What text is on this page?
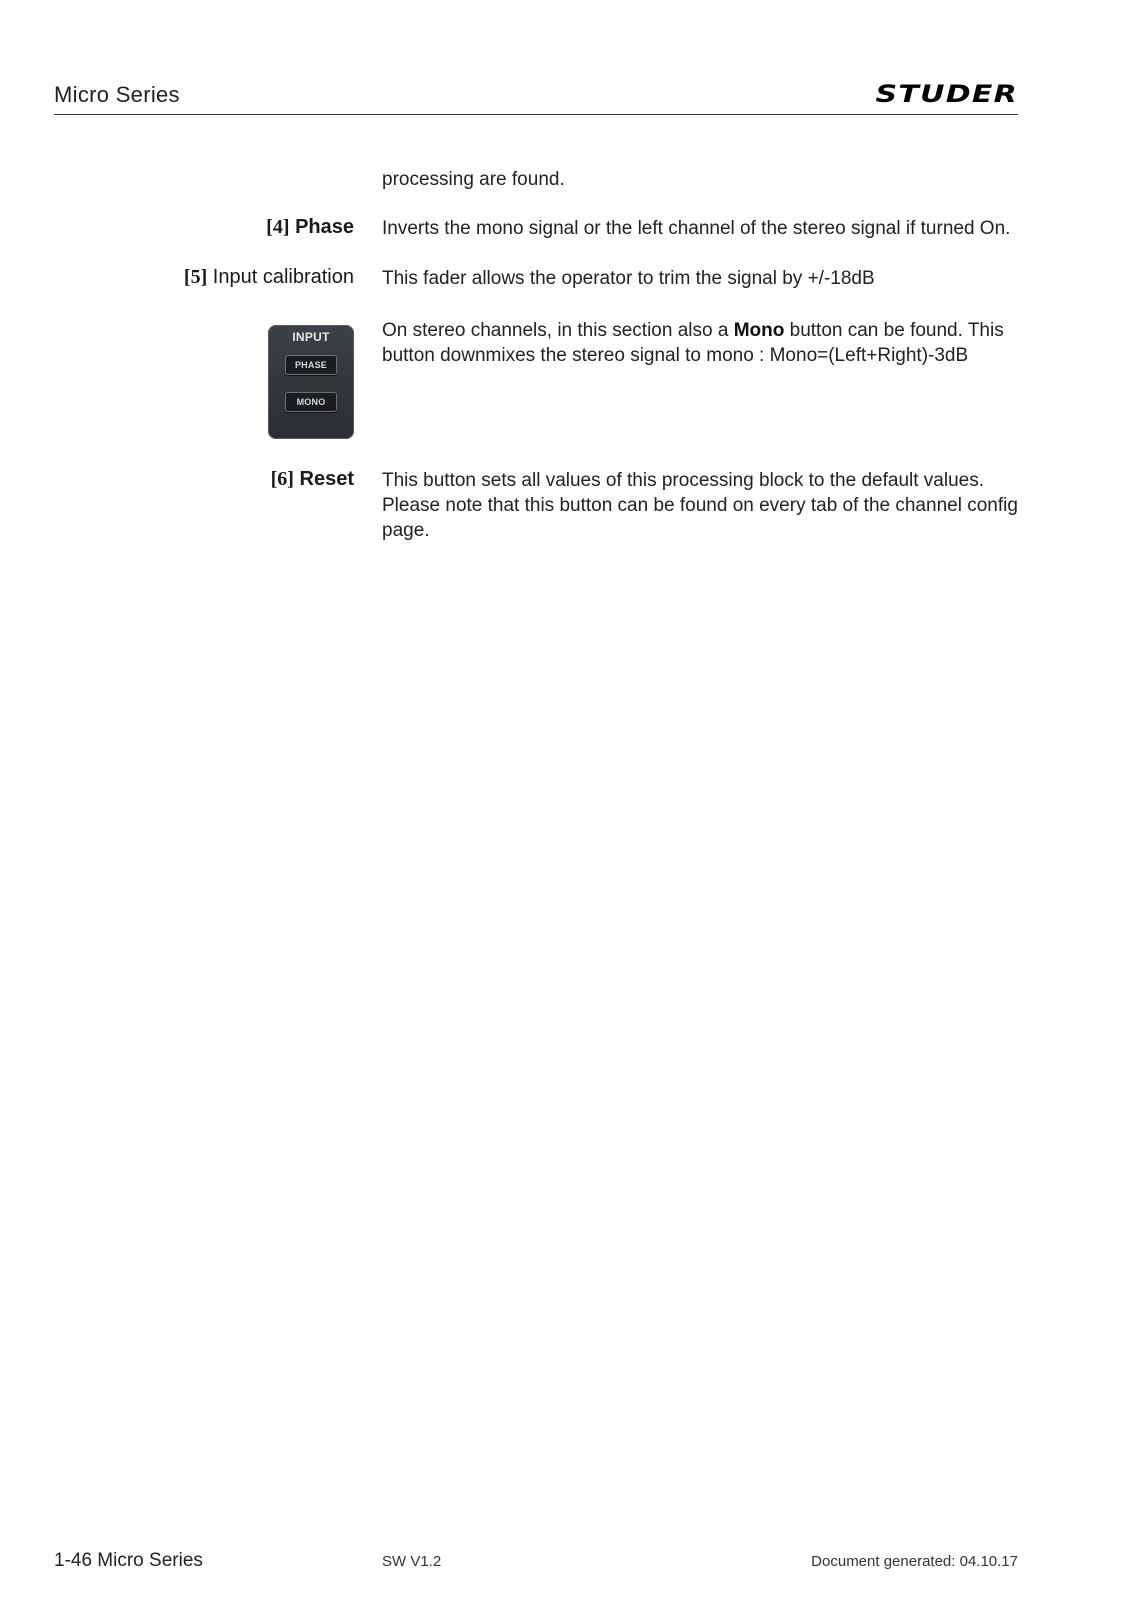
Micro Series	STUDER
processing are found.
[4] Phase Inverts the mono signal or the left channel of the stereo signal if turned On.
[5] Input calibration This fader allows the operator to trim the signal by +/-18dB
INPUT
PHASE
MONO
On stereo channels, in this section also a Mono button can be found. This button downmixes the stereo signal to mono : Mono=(Left+Right)-3dB
[6] Reset This button sets all values of this processing block to the default values. Please note that this button can be found on every tab of the channel config page.
1-46 Micro Series	SW V1.2	Document generated: 04.10.17
